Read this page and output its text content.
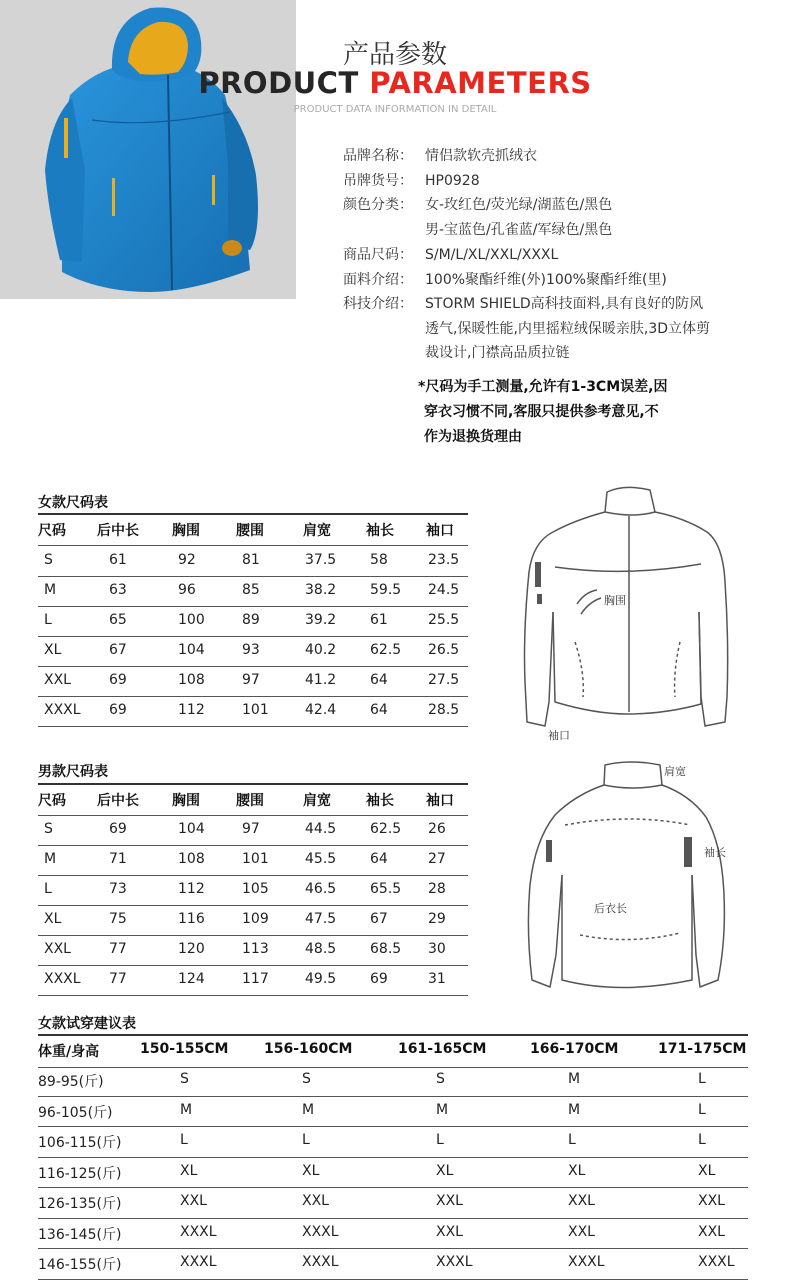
产品参数
PRODUCT PARAMETERS
PRODUCT DATA INFORMATION IN DETAIL
品牌名称： 情侣款软壳抓绒衣
吊牌货号： HP0928
颜色分类： 女-玫红色/荧光绿/湖蓝色/黑色
男-宝蓝色/孔雀蓝/军绿色/黑色
商品尺码： S/M/L/XL/XXL/XXXL
面料介绍： 100%聚酯纤维(外)100%聚酯纤维(里)
科技介绍： STORM SHIELD高科技面料,具有良好的防风
透气,保暖性能,内里摇粒绒保暖亲肤,3D立体剪
裁设计,门襟高品质拉链
*尺码为手工测量,允许有1-3CM误差,因
穿衣习惯不同,客服只提供参考意见,不
作为退换货理由
女款尺码表
尺码 后中长 胸围	腰围	肩宽	袖长 袖口
S	61	92	81	37.5 58	23.5
M	63	96	85	38.2 59.5 24.5
L	65	100	89	39.2 61	25.5
XL	67	104	93	40.2 62.5 26.5
XXL	69	108	97	41.2 64	27.5
XXXL 69	112	101	42.4 64	28.5
男款尺码表
尺码 后中长 胸围	腰围	肩宽	袖长 袖口
S	69	104	97	44.5 62.5 26
M	71	108	101	45.5 64	27
L	73	112	105	46.5 65.5 28
XL	75	116	109	47.5 67	29
XXL	77	120	113	48.5 68.5 30
XXXL 77	124	117	49.5 69	31
胸围
袖口
肩宽
袖长
后衣长
女款试穿建议表
体重/身高	150-155CM	156-160CM	161-165CM	166-170CM	171-175CM
89-95(斤)	S	S	S	M	L
96-105(斤)	M	M	M	M	L
106-115(斤)	L	L	L	L	L
116-125(斤)	XL	XL	XL	XL	XL
126-135(斤)	XXL	XXL	XXL	XXL	XXL
136-145(斤)	XXXL	XXXL	XXL	XXL	XXL
146-155(斤)	XXXL	XXXL	XXXL	XXXL	XXXL
